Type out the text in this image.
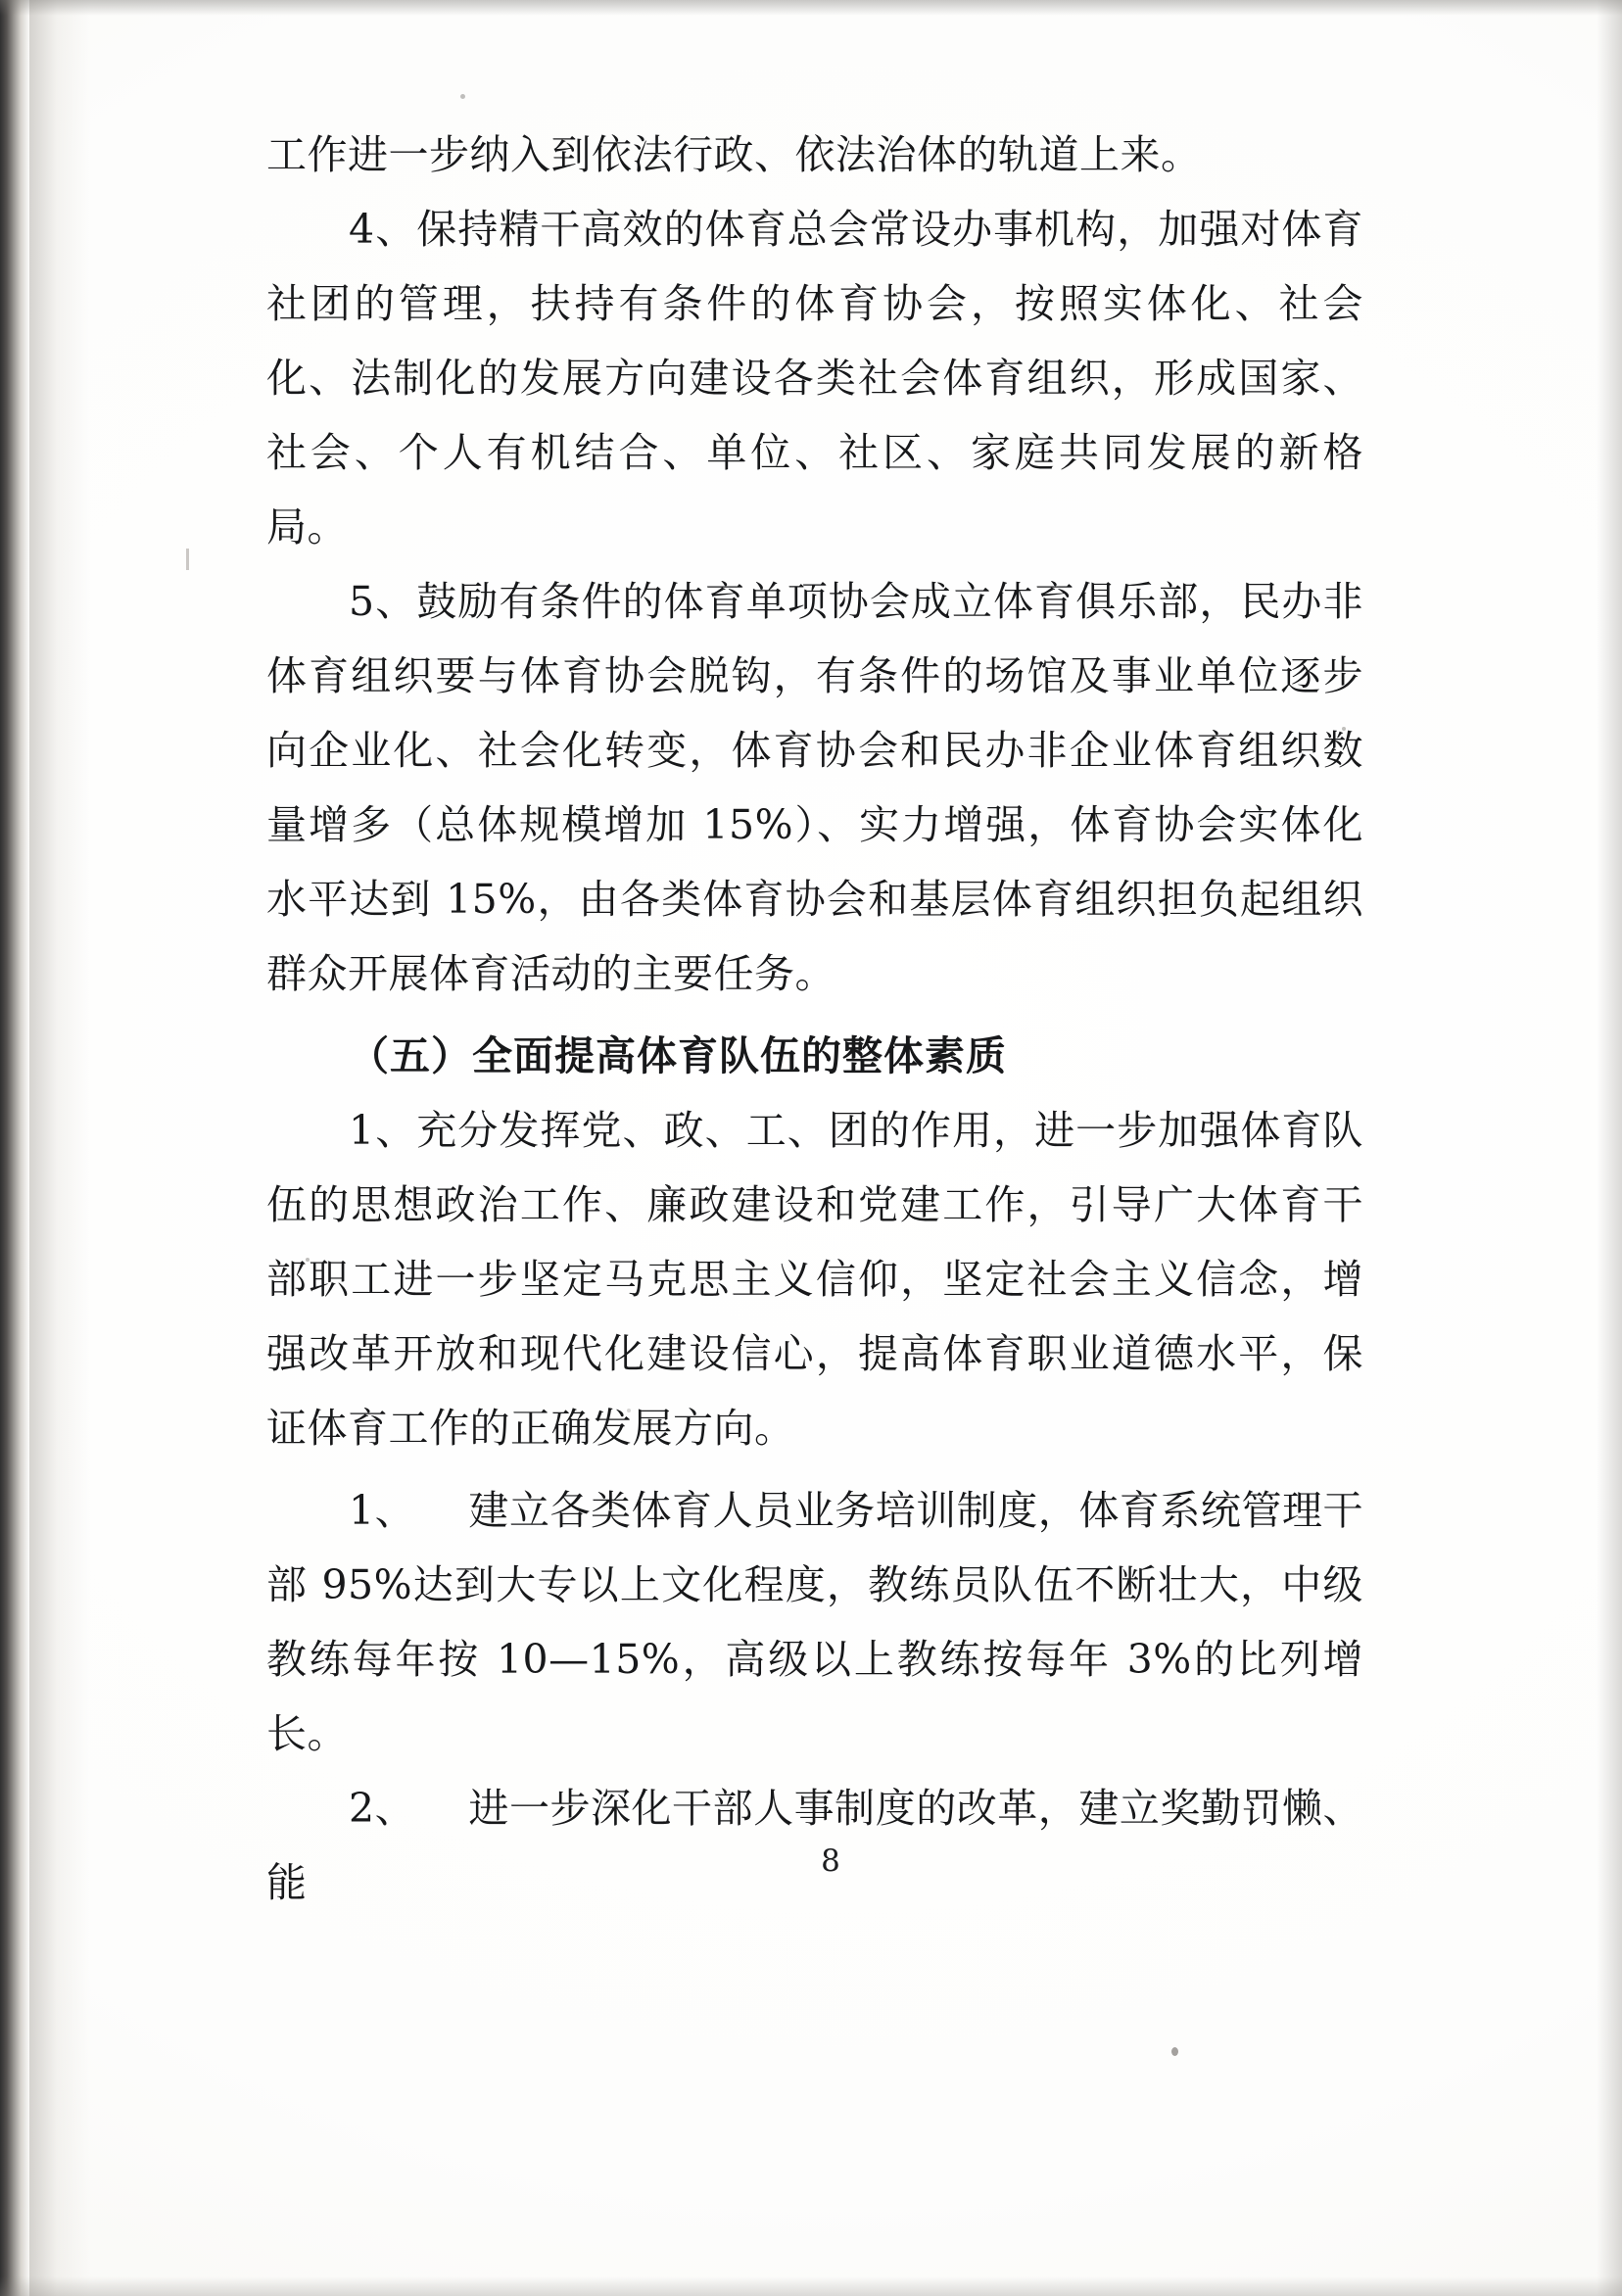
工作进一步纳入到依法行政、依法治体的轨道上来。

4、保持精干高效的体育总会常设办事机构，加强对体育社团的管理，扶持有条件的体育协会，按照实体化、社会化、法制化的发展方向建设各类社会体育组织，形成国家、社会、个人有机结合、单位、社区、家庭共同发展的新格局。

5、鼓励有条件的体育单项协会成立体育俱乐部，民办非体育组织要与体育协会脱钩，有条件的场馆及事业单位逐步向企业化、社会化转变，体育协会和民办非企业体育组织数量增多（总体规模增加 15%）、实力增强，体育协会实体化水平达到 15%，由各类体育协会和基层体育组织担负起组织群众开展体育活动的主要任务。

（五）全面提高体育队伍的整体素质

1、充分发挥党、政、工、团的作用，进一步加强体育队伍的思想政治工作、廉政建设和党建工作，引导广大体育干部职工进一步坚定马克思主义信仰，坚定社会主义信念，增强改革开放和现代化建设信心，提高体育职业道德水平，保证体育工作的正确发展方向。

1、    建立各类体育人员业务培训制度，体育系统管理干部 95%达到大专以上文化程度，教练员队伍不断壮大，中级教练每年按 10—15%，高级以上教练按每年 3%的比列增长。

2、    进一步深化干部人事制度的改革，建立奖勤罚懒、能	8
